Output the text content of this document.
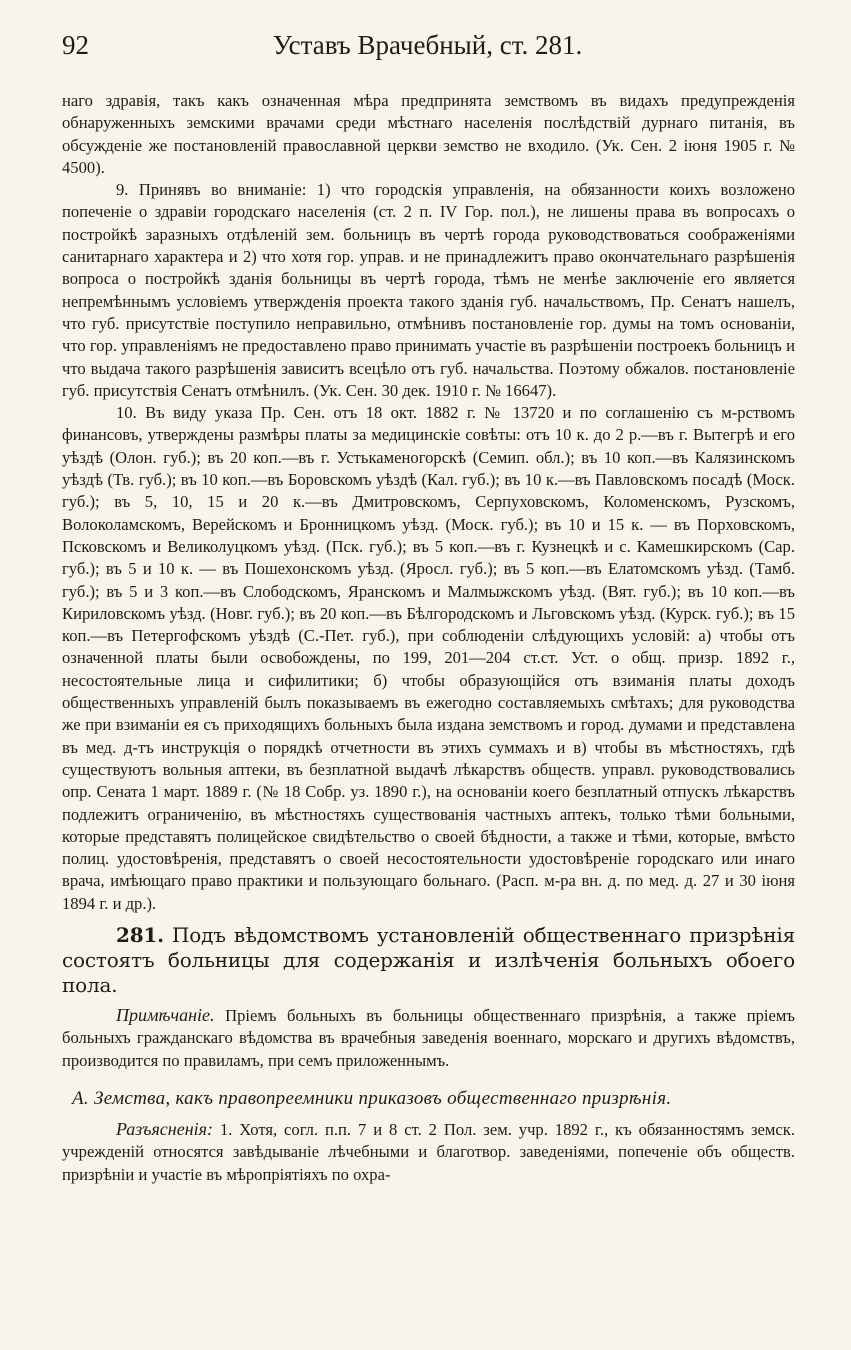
92	Уставъ Врачебный, ст. 281.

наго здравія, такъ какъ означенная мѣра предпринята земствомъ въ видахъ предупрежденія обнаруженныхъ земскими врачами среди мѣстнаго населенія послѣдствій дурнаго питанія, въ обсужденіе же постановленій православной церкви земство не входило. (Ук. Сен. 2 іюня 1905 г. № 4500).

9. Принявъ во вниманіе: 1) что городскія управленія, на обязанности коихъ возложено попеченіе о здравіи городскаго населенія (ст. 2 п. IV Гор. пол.), не лишены права въ вопросахъ о постройкѣ заразныхъ отдѣленій зем. больницъ въ чертѣ города руководствоваться соображеніями санитарнаго характера и 2) что хотя гор. управ. и не принадлежитъ право окончательнаго разрѣшенія вопроса о постройкѣ зданія больницы въ чертѣ города, тѣмъ не менѣе заключеніе его является непремѣннымъ условіемъ утвержденія проекта такого зданія губ. начальствомъ, Пр. Сенатъ нашелъ, что губ. присутствіе поступило неправильно, отмѣнивъ постановленіе гор. думы на томъ основаніи, что гор. управленіямъ не предоставлено право принимать участіе въ разрѣшеніи построекъ больницъ и что выдача такого разрѣшенія зависитъ всецѣло отъ губ. начальства. Поэтому обжалов. постановленіе губ. присутствія Сенатъ отмѣнилъ. (Ук. Сен. 30 дек. 1910 г. № 16647).

10. Въ виду указа Пр. Сен. отъ 18 окт. 1882 г. № 13720 и по соглашенію съ м-рствомъ финансовъ, утверждены размѣры платы за медицинскіе совѣты: отъ 10 к. до 2 р.—въ г. Вытегрѣ и его уѣздѣ (Олон. губ.); въ 20 коп.—въ г. Устькаменогорскѣ (Семип. обл.); въ 10 коп.—въ Калязинскомъ уѣздѣ (Тв. губ.); въ 10 коп.—въ Боровскомъ уѣздѣ (Кал. губ.); въ 10 к.—въ Павловскомъ посадѣ (Моск. губ.); въ 5, 10, 15 и 20 к.—въ Дмитровскомъ, Серпуховскомъ, Коломенскомъ, Рузскомъ, Волоколамскомъ, Верейскомъ и Бронницкомъ уѣзд. (Моск. губ.); въ 10 и 15 к. — въ Порховскомъ, Псковскомъ и Великолуцкомъ уѣзд. (Пск. губ.); въ 5 коп.—въ г. Кузнецкѣ и с. Камешкирскомъ (Сар. губ.); въ 5 и 10 к. — въ Пошехонскомъ уѣзд. (Яросл. губ.); въ 5 коп.—въ Елатомскомъ уѣзд. (Тамб. губ.); въ 5 и 3 коп.—въ Слободскомъ, Яранскомъ и Малмыжскомъ уѣзд. (Вят. губ.); въ 10 коп.—въ Кириловскомъ уѣзд. (Новг. губ.); въ 20 коп.—въ Бѣлгородскомъ и Льговскомъ уѣзд. (Курск. губ.); въ 15 коп.—въ Петергофскомъ уѣздѣ (С.-Пет. губ.), при соблюденіи слѣдующихъ условій: а) чтобы отъ означенной платы были освобождены, по 199, 201—204 ст.ст. Уст. о общ. призр. 1892 г., несостоятельные лица и сифилитики; б) чтобы образующійся отъ взиманія платы доходъ общественныхъ управленій былъ показываемъ въ ежегодно составляемыхъ смѣтахъ; для руководства же при взиманіи ея съ приходящихъ больныхъ была издана земствомъ и город. думами и представлена въ мед. д-тъ инструкція о порядкѣ отчетности въ этихъ суммахъ и в) чтобы въ мѣстностяхъ, гдѣ существуютъ вольныя аптеки, въ безплатной выдачѣ лѣкарствъ обществ. управл. руководствовались опр. Сената 1 март. 1889 г. (№ 18 Собр. уз. 1890 г.), на основаніи коего безплатный отпускъ лѣкарствъ подлежитъ ограниченію, въ мѣстностяхъ существованія частныхъ аптекъ, только тѣми больными, которые представятъ полицейское свидѣтельство о своей бѣдности, а также и тѣми, которые, вмѣсто полиц. удостовѣренія, представятъ о своей несостоятельности удостовѣреніе городскаго или инаго врача, имѣющаго право практики и пользующаго больнаго. (Расп. м-ра вн. д. по мед. д. 27 и 30 іюня 1894 г. и др.).

281. Подъ вѣдомствомъ установленій общественнаго призрѣнія состоятъ больницы для содержанія и излѣченія больныхъ обоего пола.

Примѣчаніе. Пріемъ больныхъ въ больницы общественнаго призрѣнія, а также пріемъ больныхъ гражданскаго вѣдомства въ врачебныя заведенія военнаго, морскаго и другихъ вѣдомствъ, производится по правиламъ, при семъ приложеннымъ.

А. Земства, какъ правопреемники приказовъ общественнаго призрѣнія.

Разъясненія: 1. Хотя, согл. п.п. 7 и 8 ст. 2 Пол. зем. учр. 1892 г., къ обязанностямъ земск. учрежденій относятся завѣдываніе лѣчебными и благотвор. заведеніями, попеченіе объ обществ. призрѣніи и участіе въ мѣропріятіяхъ по охра-
